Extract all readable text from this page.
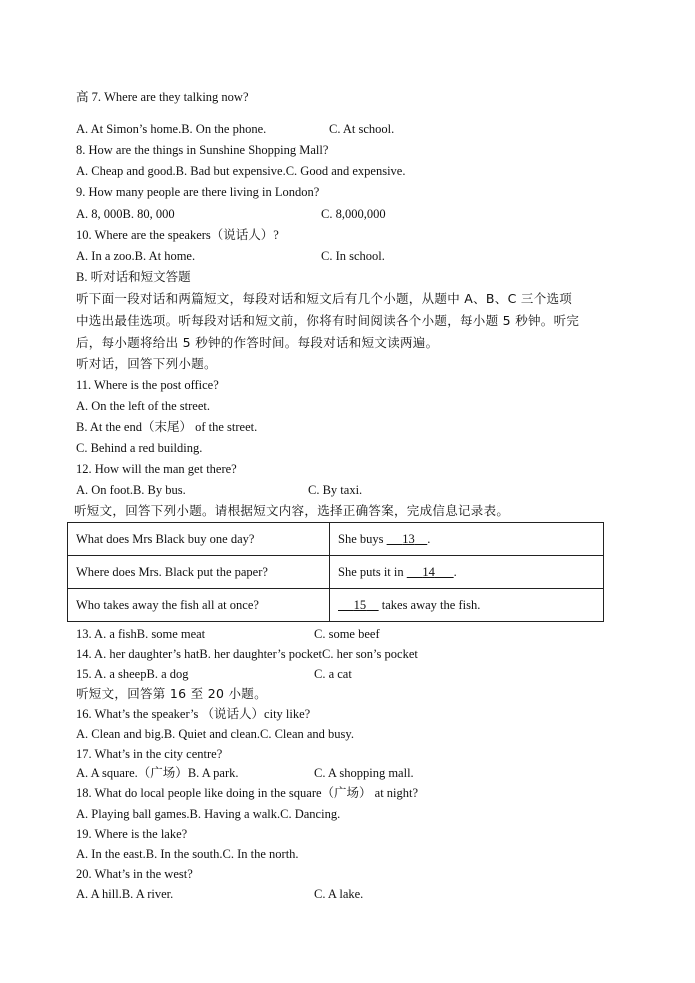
高 7. Where are they talking now?
A. At Simon’s home.B. On the phone.	C. At school.
8. How are the things in Sunshine Shopping Mall?
A. Cheap and good.B. Bad but expensive.C. Good and expensive.
9. How many people are there living in London?
A. 8, 000B. 80, 000	C. 8,000,000
10. Where are the speakers（说话人）?
A. In a zoo.B. At home.	C. In school.
B. 听对话和短文答题
听下面一段对话和两篇短文，每段对话和短文后有几个小题，从题中 A、B、C 三个选项
中选出最佳选项。听每段对话和短文前，你将有时间阅读各个小题，每小题 5 秒钟。听完
后，每小题将给出 5 秒钟的作答时间。每段对话和短文读两遍。
听对话，回答下列小题。
11. Where is the post office?
A. On the left of the street.
B. At the end（末尾） of the street.
C. Behind a red building.
12. How will the man get there?
A. On foot.B. By bus.	C. By taxi.
听短文，回答下列小题。请根据短文内容，选择正确答案，完成信息记录表。
What does Mrs Black buy one day?	She buys      13 .
Where does Mrs. Black put the paper?	She puts it in      14 .
Who takes away the fish all at once?	15     takes away the fish.
13. A. a fishB. some meat	C. some beef
14. A. her daughter’s hatB. her daughter’s pocketC. her son’s pocket
15. A. a sheepB. a dog	C. a cat
听短文，回答第 16 至 20 小题。
16. What’s the speaker’s （说话人）city like?
A. Clean and big.B. Quiet and clean.C. Clean and busy.
17. What’s in the city centre?
A. A square.（广场）B. A park.	C. A shopping mall.
18. What do local people like doing in the square（广场） at night?
A. Playing ball games.B. Having a walk.C. Dancing.
19. Where is the lake?
A. In the east.B. In the south.C. In the north.
20. What’s in the west?
A. A hill.B. A river.	C. A lake.
